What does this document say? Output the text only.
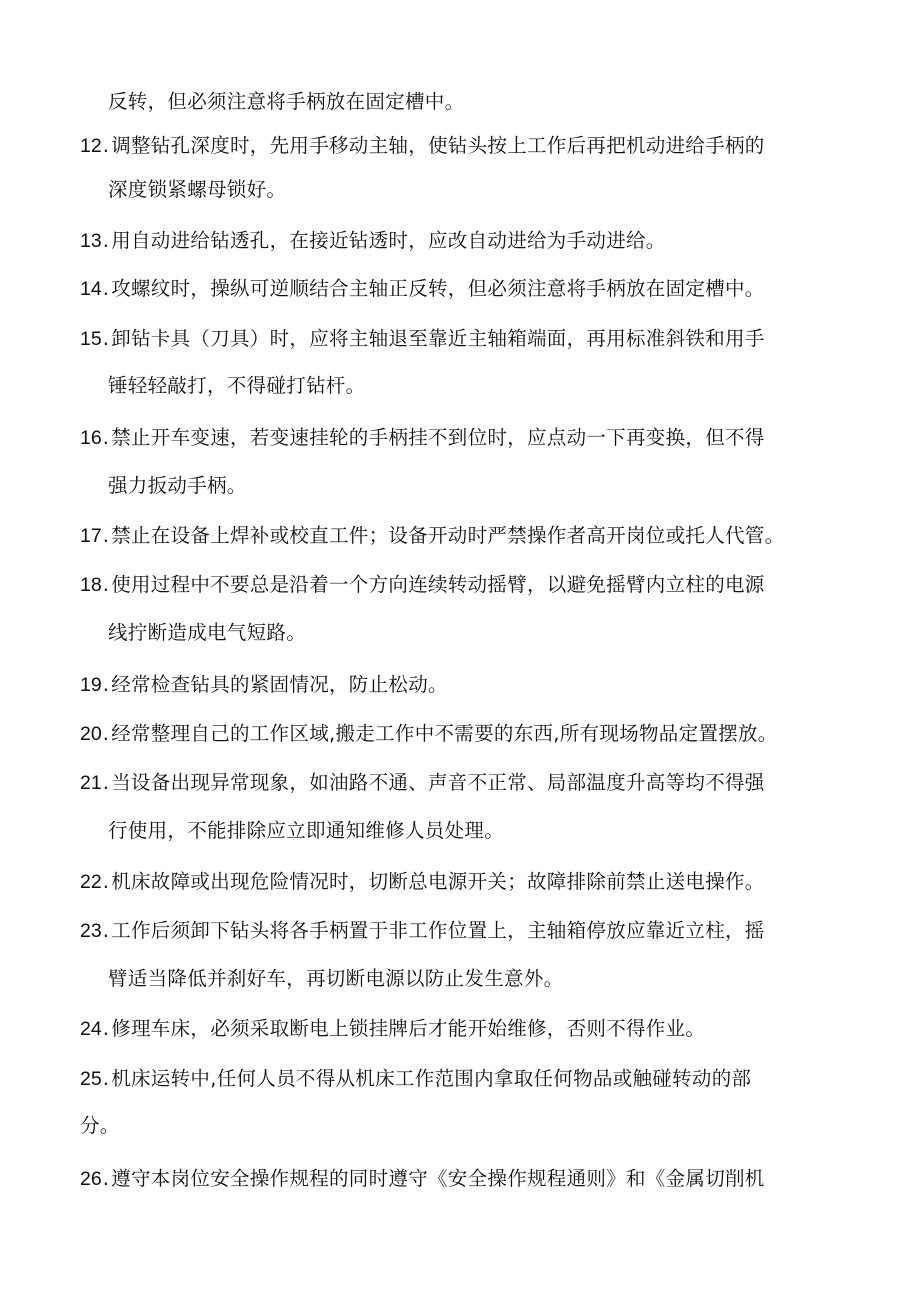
反转，但必须注意将手柄放在固定槽中。
12. 调整钻孔深度时，先用手移动主轴，使钻头按上工作后再把机动进给手柄的
深度锁紧螺母锁好。
13. 用自动进给钻透孔，在接近钻透时，应改自动进给为手动进给。
14. 攻螺纹时，操纵可逆顺结合主轴正反转，但必须注意将手柄放在固定槽中。
15. 卸钻卡具（刀具）时，应将主轴退至靠近主轴箱端面，再用标准斜铁和用手
锤轻轻敲打，不得碰打钻杆。
16. 禁止开车变速，若变速挂轮的手柄挂不到位时，应点动一下再变换，但不得
强力扳动手柄。
17. 禁止在设备上焊补或校直工件；设备开动时严禁操作者高开岗位或托人代管。
18. 使用过程中不要总是沿着一个方向连续转动摇臂，以避免摇臂内立柱的电源
线拧断造成电气短路。
19. 经常检查钻具的紧固情况，防止松动。
20. 经常整理自己的工作区域,搬走工作中不需要的东西,所有现场物品定置摆放。
21. 当设备出现异常现象，如油路不通、声音不正常、局部温度升高等均不得强
行使用，不能排除应立即通知维修人员处理。
22. 机床故障或出现危险情况时，切断总电源开关；故障排除前禁止送电操作。
23. 工作后须卸下钻头将各手柄置于非工作位置上，主轴箱停放应靠近立柱，摇
臂适当降低并刹好车，再切断电源以防止发生意外。
24. 修理车床，必须采取断电上锁挂牌后才能开始维修，否则不得作业。
25. 机床运转中,任何人员不得从机床工作范围内拿取任何物品或触碰转动的部
分。
26. 遵守本岗位安全操作规程的同时遵守《安全操作规程通则》和《金属切削机
